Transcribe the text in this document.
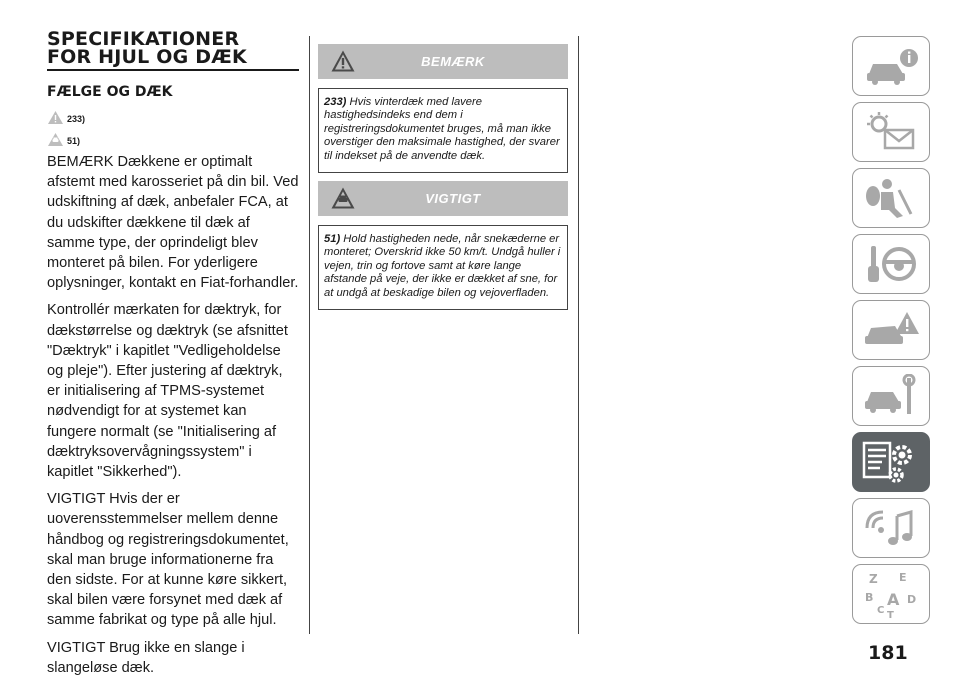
SPECIFIKATIONER
FOR HJUL OG DÆK
FÆLGE OG DÆK
233)
51)

BEMÆRK Dækkene er optimalt afstemt med karosseriet på din bil. Ved udskiftning af dæk, anbefaler FCA, at du udskifter dækkene til dæk af samme type, der oprindeligt blev monteret på bilen. For yderligere oplysninger, kontakt en Fiat-forhandler.

Kontrollér mærkaten for dæktryk, for dækstørrelse og dæktryk (se afsnittet "Dæktryk" i kapitlet "Vedligeholdelse og pleje"). Efter justering af dæktryk, er initialisering af TPMS-systemet nødvendigt for at systemet kan fungere normalt (se "Initialisering af dæktryksovervågningssystem" i kapitlet "Sikkerhed").

VIGTIGT Hvis der er uoverensstemmelser mellem denne håndbog og registreringsdokumentet, skal man bruge informationerne fra den sidste. For at kunne køre sikkert, skal bilen være forsynet med dæk af samme fabrikat og type på alle hjul.

VIGTIGT Brug ikke en slange i slangeløse dæk.

BEMÆRK
233) Hvis vinterdæk med lavere hastighedsindeks end dem i registreringsdokumentet bruges, må man ikke overstiger den maksimale hastighed, der svarer til indekset på de anvendte dæk.
VIGTIGT
51) Hold hastigheden nede, når snekæderne er monteret; Overskrid ikke 50 km/t. Undgå huller i vejen, trin og fortove samt at køre lange afstande på veje, der ikke er dækket af sne, for at undgå at beskadige bilen og vejoverfladen.
Z E
B A D
C T
181
